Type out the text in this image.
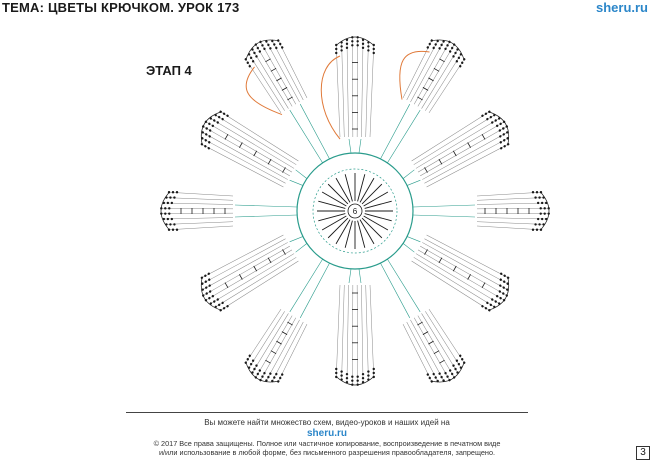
ТЕМА: ЦВЕТЫ КРЮЧКОМ. УРОК 173	sheru.ru
ЭТАП 4
6
Вы можете найти множество схем, видео-уроков и наших идей на
sheru.ru
© 2017 Все права защищены. Полное или частичное копирование, воспроизведение в печатном виде
и/или использование в любой форме, без письменного разрешения правообладателя, запрещено.	3
